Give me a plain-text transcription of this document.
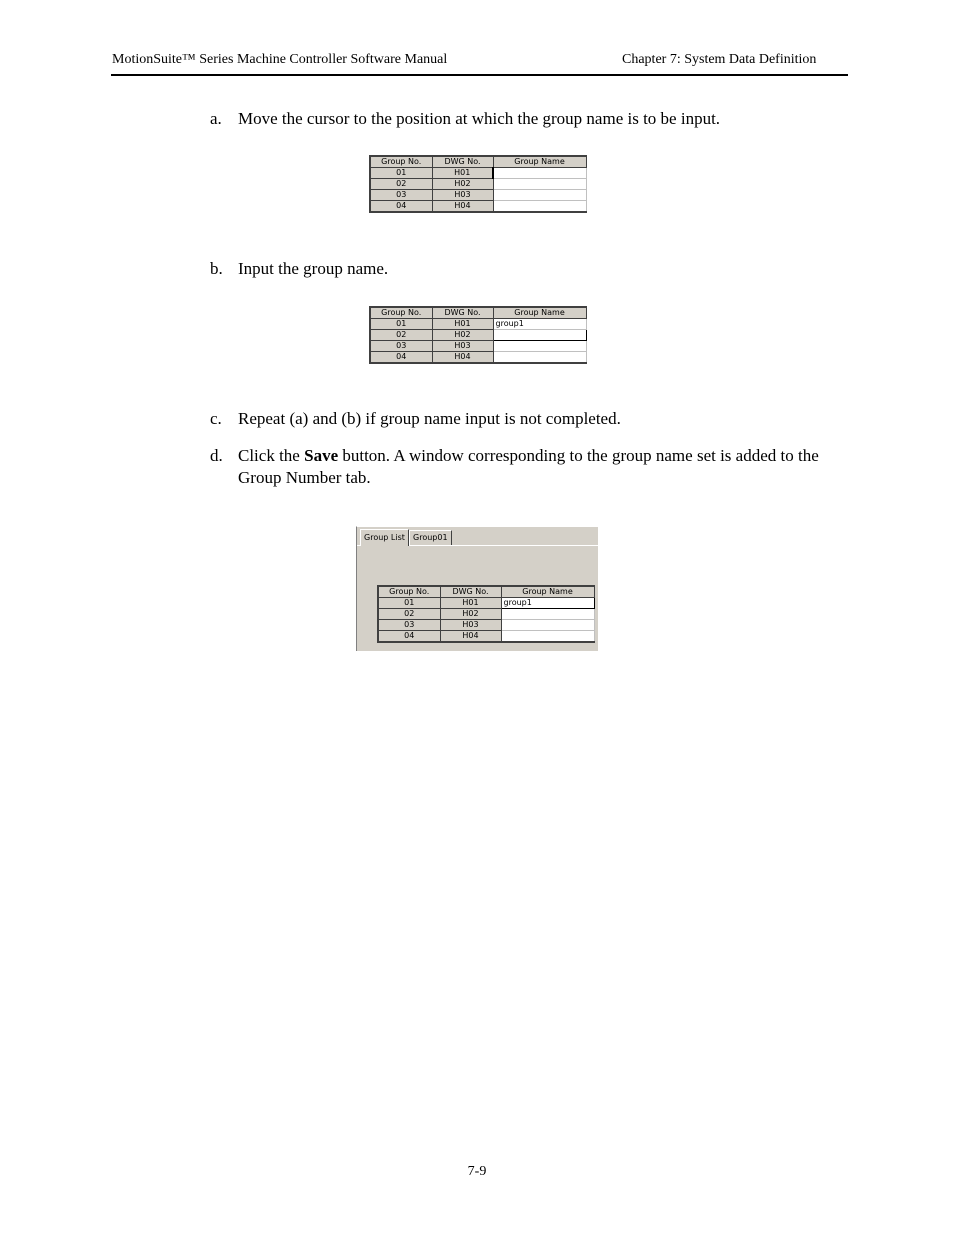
MotionSuite™ Series Machine Controller Software Manual	Chapter 7: System Data Definition
a. Move the cursor to the position at which the group name is to be input.
Group No.	DWG No.	Group Name
01	H01	
02	H02	
03	H03	
04	H04	
b. Input the group name.
Group No.	DWG No.	Group Name
01	H01	group1
02	H02	
03	H03	
04	H04	
c. Repeat (a) and (b) if group name input is not completed.
d. Click the Save button. A window corresponding to the group name set is added to the Group Number tab.
Group List	Group01
Group No.	DWG No.	Group Name
01	H01	group1
02	H02	
03	H03	
04	H04	
7-9
